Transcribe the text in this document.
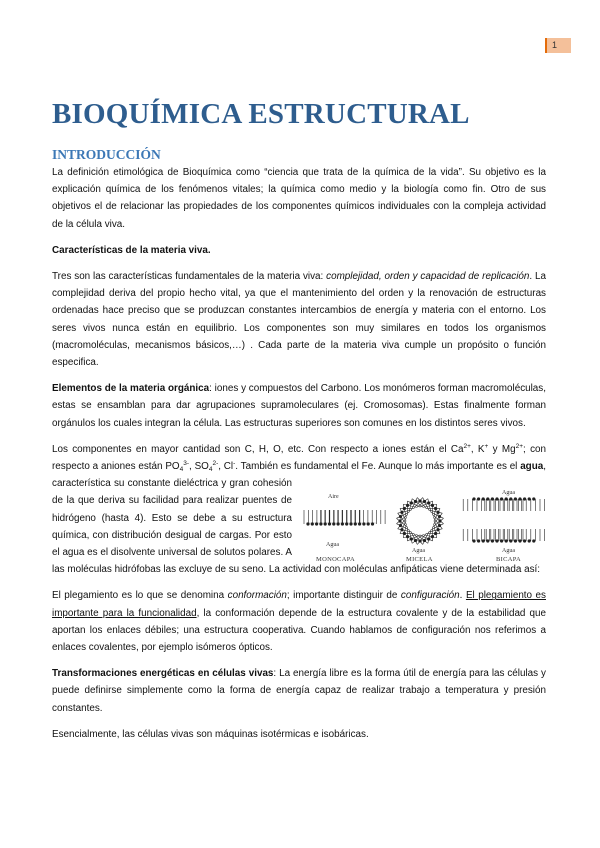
1
BIOQUÍMICA ESTRUCTURAL
INTRODUCCIÓN

La definición etimológica de Bioquímica como “ciencia que trata de la química de la vida”. Su objetivo es la explicación química de los fenómenos vitales; la química como medio y la biología como fin. Otro de sus objetivos el de relacionar las propiedades de los componentes químicos individuales con la compleja actividad de la célula viva.

Características de la materia viva.

Tres son las características fundamentales de la materia viva: complejidad, orden y capacidad de replicación. La complejidad deriva del propio hecho vital, ya que el mantenimiento del orden y la renovación de estructuras ordenadas hace preciso que se produzcan constantes intercambios de energía y materia con el entorno. Los seres vivos nunca están en equilibrio. Los componentes son muy similares en todos los organismos (macromoléculas, mecanismos básicos,…) . Cada parte de la materia viva cumple un propósito o función especifica.

Elementos de la materia orgánica: iones y compuestos del Carbono. Los monómeros forman macromoléculas, estas se ensamblan para dar agrupaciones supramoleculares (ej. Cromosomas). Estas finalmente forman orgánulos los cuales integran la célula. Las estructuras superiores son comunes en los distintos seres vivos.

Los componentes en mayor cantidad son C, H, O, etc. Con respecto a iones están el $Ca^{2+}$, K+ y $Mg^{2+}$; con respecto a aniones están $PO_4^{3-}$, $SO_4^{2-}$, Cl-. También es fundamental el Fe. Aunque lo más importante es el agua
Aire
Agua
Agua
Agua
Agua
MONOCAPA	MICELA	BICAPA
, característica su constante dieléctrica y gran cohesión de la que deriva su facilidad para realizar puentes de hidrógeno (hasta 4). Esto se debe a su estructura química, con distribución desigual de cargas. Por esto el agua es el disolvente universal de solutos polares. A las moléculas hidrófobas las excluye de su seno. La actividad con moléculas anfipáticas viene determinada así:

El plegamiento es lo que se denomina conformación; importante distinguir de configuración. El plegamiento es importante para la funcionalidad, la conformación depende de la estructura covalente y de la estabilidad que aportan los enlaces débiles; una estructura cooperativa. Cuando hablamos de configuración nos referimos a enlaces covalentes, por ejemplo isómeros ópticos.

Transformaciones energéticas en células vivas: La energía libre es la forma útil de energía para las células y puede definirse simplemente como la forma de energía capaz de realizar trabajo a temperatura y presión constantes.

Esencialmente, las células vivas son máquinas isotérmicas e isobáricas.
